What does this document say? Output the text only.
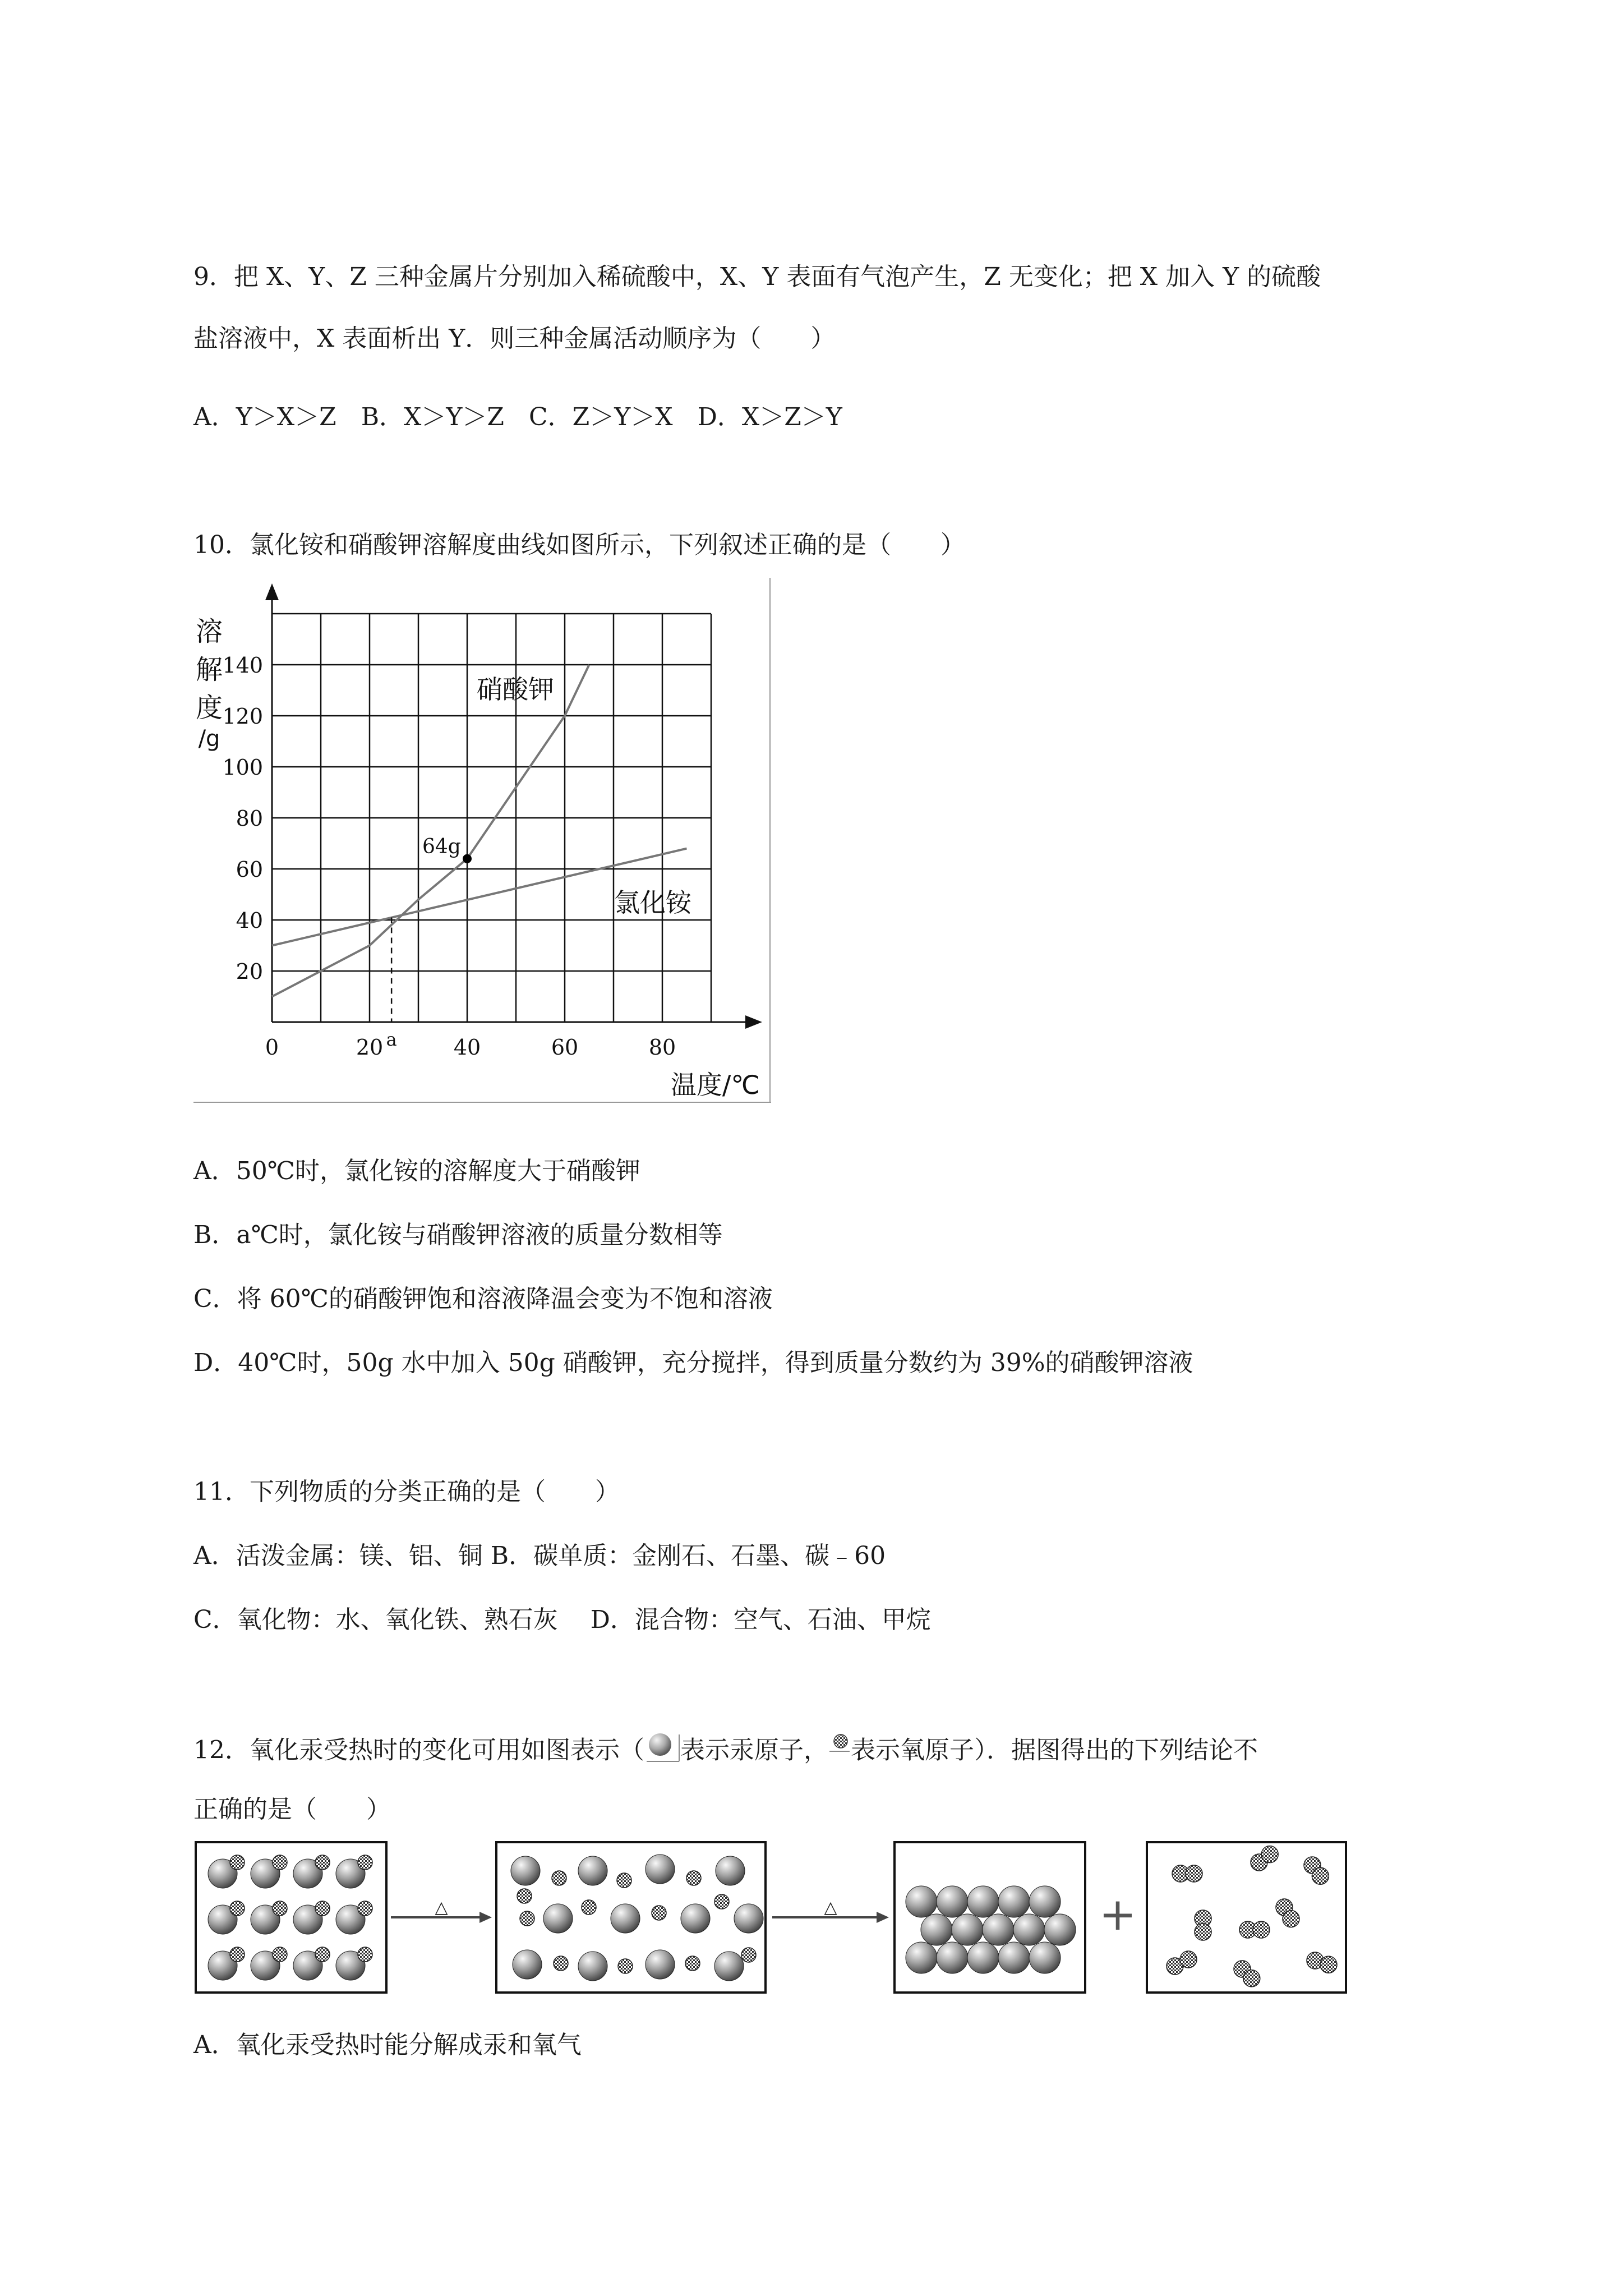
9．把 X、Y、Z 三种金属片分别加入稀硫酸中，X、Y 表面有气泡产生，Z 无变化；把 X 加入 Y 的硫酸
盐溶液中，X 表面析出 Y．则三种金属活动顺序为（　　）
A．Y＞X＞Z　B．X＞Y＞Z　C．Z＞Y＞X　D．X＞Z＞Y
10．氯化铵和硝酸钾溶解度曲线如图所示，下列叙述正确的是（　　）
20
40
60
80
100
120
140
0	20 a	40	60	80
溶
解
度
/g
温度/℃
64g
硝酸钾
氯化铵
A．50℃时，氯化铵的溶解度大于硝酸钾
B．a℃时，氯化铵与硝酸钾溶液的质量分数相等
C．将 60℃的硝酸钾饱和溶液降温会变为不饱和溶液
D．40℃时，50g 水中加入 50g 硝酸钾，充分搅拌，得到质量分数约为 39%的硝酸钾溶液
11．下列物质的分类正确的是（　　）
A．活泼金属：镁、铝、铜 B．碳单质：金刚石、石墨、碳﹣60
C．氧化物：水、氧化铁、熟石灰　 D．混合物：空气、石油、甲烷
12．氧化汞受热时的变化可用如图表示（ 表示汞原子， 表示氧原子）．据图得出的下列结论不
正确的是（　　）
△	△	+
A．氧化汞受热时能分解成汞和氧气
